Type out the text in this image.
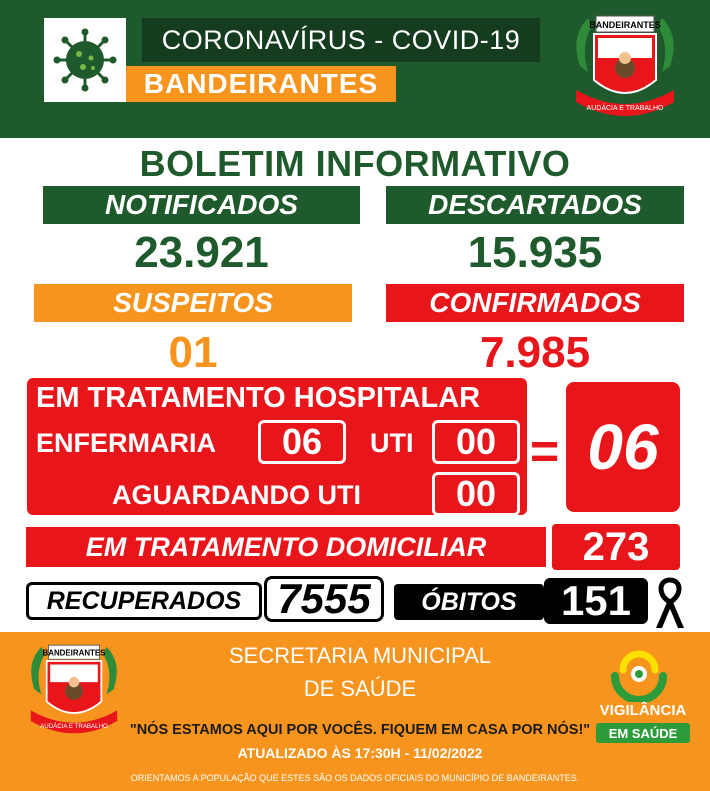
CORONAVÍRUS - COVID-19
BANDEIRANTES
BANDEIRANTES
AUDÁCIA E TRABALHO
BOLETIM INFORMATIVO
NOTIFICADOS	DESCARTADOS
23.921	15.935
SUSPEITOS	CONFIRMADOS
01	7.985
EM TRATAMENTO HOSPITALAR
ENFERMARIA	06	UTI	00
AGUARDANDO UTI	00
= 06
EM TRATAMENTO DOMICILIAR	273
RECUPERADOS 7555	ÓBITOS	151
BANDEIRANTES
AUDÁCIA E TRABALHO
SECRETARIA MUNICIPAL
DE SAÚDE
"NÓS ESTAMOS AQUI POR VOCÊS. FIQUEM EM CASA POR NÓS!"
ATUALIZADO ÀS 17:30H - 11/02/2022
ORIENTAMOS A POPULAÇÃO QUE ESTES SÃO OS DADOS OFICIAIS DO MUNICÍPIO DE BANDEIRANTES.
VIGILÂNCIA
EM SAÚDE
